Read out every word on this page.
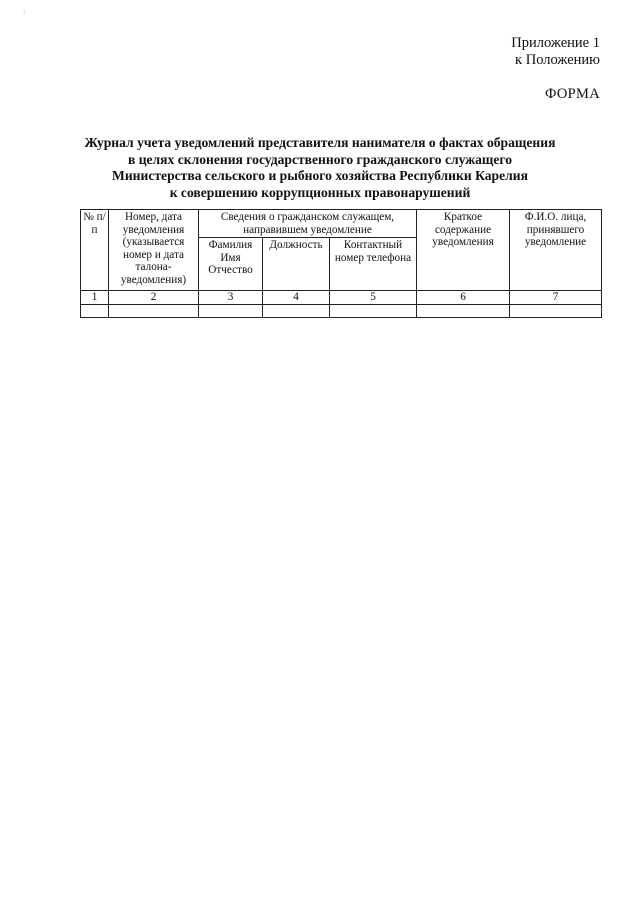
3
Приложение 1
к Положению
ФОРМА
Журнал учета уведомлений представителя нанимателя о фактах обращения
в целях склонения государственного гражданского служащего
Министерства сельского и рыбного хозяйства Республики Карелия
к совершению коррупционных правонарушений
№ п/п	Номер, дата уведомления (указывается номер и дата талона-уведомления)	Сведения о гражданском служащем, направившем уведомление			Краткое содержание уведомления	Ф.И.О. лица, принявшего уведомление
		Фамилия Имя Отчество	Должность	Контактный номер телефона		
1	2	3	4	5	6	7
